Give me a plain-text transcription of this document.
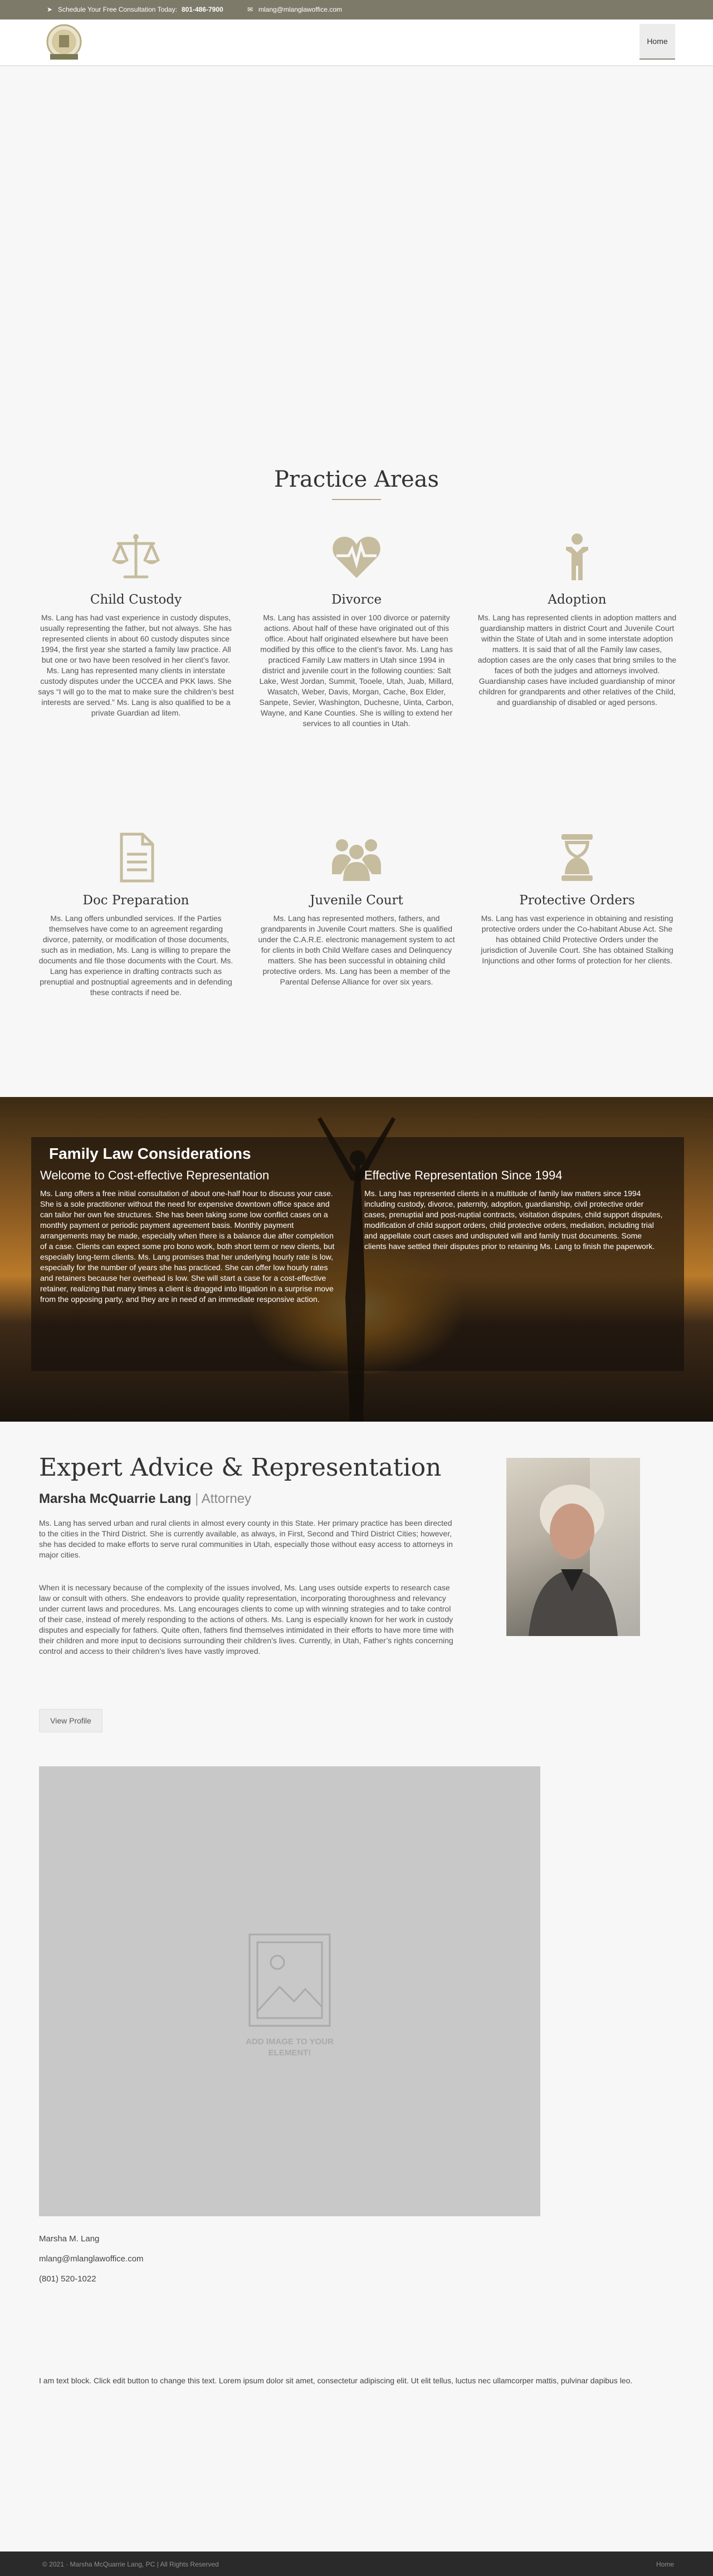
➤ Schedule Your Free Consultation Today: 801-486-7900	✉ mlang@mlanglawoffice.com
Home
Practice Areas
Child Custody

Ms. Lang has had vast experience in custody disputes, usually representing the father, but not always. She has represented clients in about 60 custody disputes since 1994, the first year she started a family law practice. All but one or two have been resolved in her client’s favor. Ms. Lang has represented many clients in interstate custody disputes under the UCCEA and PKK laws. She says “I will go to the mat to make sure the children’s best interests are served.” Ms. Lang is also qualified to be a private Guardian ad litem.

Divorce

Ms. Lang has assisted in over 100 divorce or paternity actions. About half of these have originated out of this office. About half originated elsewhere but have been modified by this office to the client’s favor. Ms. Lang has practiced Family Law matters in Utah since 1994 in district and juvenile court in the following counties: Salt Lake, West Jordan, Summit, Tooele, Utah, Juab, Millard, Wasatch, Weber, Davis, Morgan, Cache, Box Elder, Sanpete, Sevier, Washington, Duchesne, Uinta, Carbon, Wayne, and Kane Counties. She is willing to extend her services to all counties in Utah.

Adoption

Ms. Lang has represented clients in adoption matters and guardianship matters in district Court and Juvenile Court within the State of Utah and in some interstate adoption matters. It is said that of all the Family law cases, adoption cases are the only cases that bring smiles to the faces of both the judges and attorneys involved. Guardianship cases have included guardianship of minor children for grandparents and other relatives of the Child, and guardianship of disabled or aged persons.

Doc Preparation

Ms. Lang offers unbundled services. If the Parties themselves have come to an agreement regarding divorce, paternity, or modification of those documents, such as in mediation, Ms. Lang is willing to prepare the documents and file those documents with the Court. Ms. Lang has experience in drafting contracts such as prenuptial and postnuptial agreements and in defending these contracts if need be.

Juvenile Court

Ms. Lang has represented mothers, fathers, and grandparents in Juvenile Court matters. She is qualified under the C.A.R.E. electronic management system to act for clients in both Child Welfare cases and Delinquency matters. She has been successful in obtaining child protective orders. Ms. Lang has been a member of the Parental Defense Alliance for over six years.

Protective Orders

Ms. Lang has vast experience in obtaining and resisting protective orders under the Co-habitant Abuse Act. She has obtained Child Protective Orders under the jurisdiction of Juvenile Court. She has obtained Stalking Injunctions and other forms of protection for her clients.

Family Law Considerations
Welcome to Cost-effective Representation

Ms. Lang offers a free initial consultation of about one-half hour to discuss your case. She is a sole practitioner without the need for expensive downtown office space and can tailor her own fee structures. She has been taking some low conflict cases on a monthly payment or periodic payment agreement basis. Monthly payment arrangements may be made, especially when there is a balance due after completion of a case. Clients can expect some pro bono work, both short term or new clients, but especially long-term clients. Ms. Lang promises that her underlying hourly rate is low, especially for the number of years she has practiced. She can offer low hourly rates and retainers because her overhead is low. She will start a case for a cost-effective retainer, realizing that many times a client is dragged into litigation in a surprise move from the opposing party, and they are in need of an immediate responsive action.

Effective Representation Since 1994

Ms. Lang has represented clients in a multitude of family law matters since 1994 including custody, divorce, paternity, adoption, guardianship, civil protective order cases, prenuptial and post-nuptial contracts, visitation disputes, child support disputes, modification of child support orders, child protective orders, mediation, including trial and appellate court cases and undisputed will and family trust documents. Some clients have settled their disputes prior to retaining Ms. Lang to finish the paperwork.

Expert Advice & Representation
Marsha McQuarrie Lang | Attorney

Ms. Lang has served urban and rural clients in almost every county in this State. Her primary practice has been directed to the cities in the Third District. She is currently available, as always, in First, Second and Third District Cities; however, she has decided to make efforts to serve rural communities in Utah, especially those without easy access to attorneys in major cities.

When it is necessary because of the complexity of the issues involved, Ms. Lang uses outside experts to research case law or consult with others. She endeavors to provide quality representation, incorporating thoroughness and relevancy under current laws and procedures. Ms. Lang encourages clients to come up with winning strategies and to take control of their case, instead of merely responding to the actions of others. Ms. Lang is especially known for her work in custody disputes and especially for fathers. Quite often, fathers find themselves intimidated in their efforts to have more time with their children and more input to decisions surrounding their children’s lives. Currently, in Utah, Father’s rights concerning control and access to their children’s lives have vastly improved.

View Profile
ADD IMAGE TO YOUR ELEMENT!
Marsha M. Lang
mlang@mlanglawoffice.com
(801) 520-1022

I am text block. Click edit button to change this text. Lorem ipsum dolor sit amet, consectetur adipiscing elit. Ut elit tellus, luctus nec ullamcorper mattis, pulvinar dapibus leo.

© 2021 · Marsha McQuarrie Lang, PC | All Rights Reserved	Home
